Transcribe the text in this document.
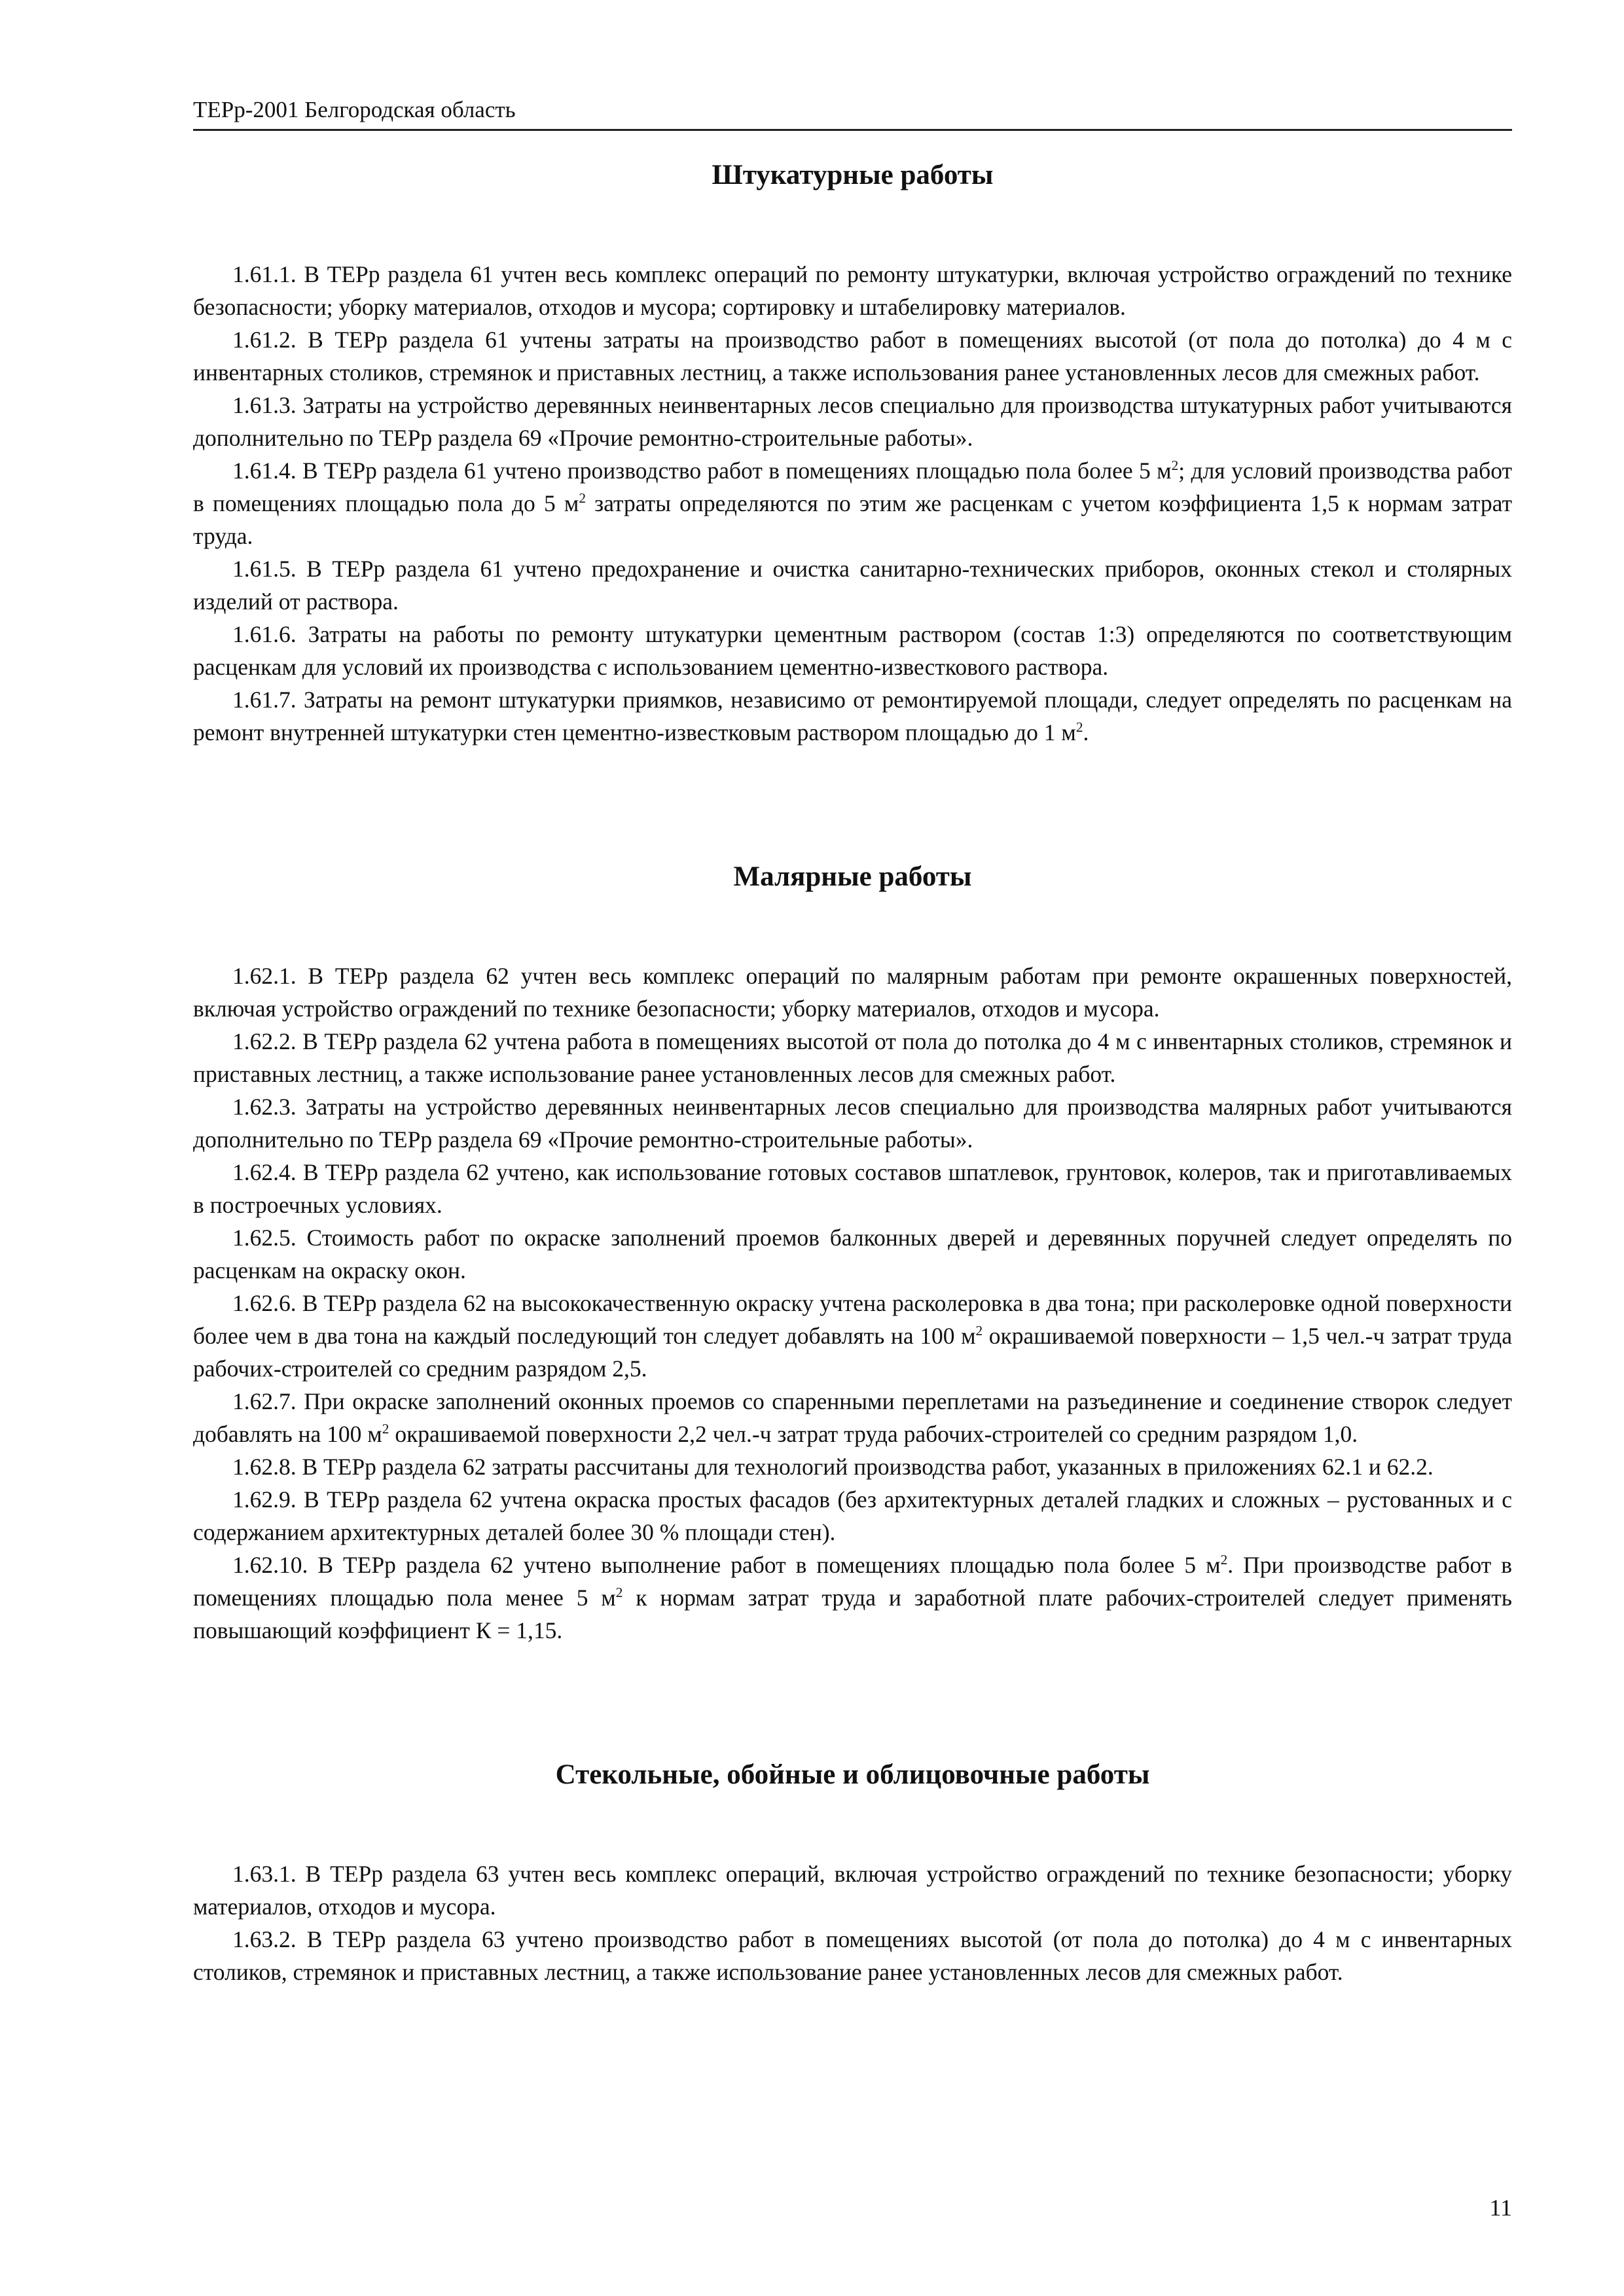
ТЕРр-2001 Белгородская область
Штукатурные работы

1.61.1. В ТЕРр раздела 61 учтен весь комплекс операций по ремонту штукатурки, включая устройство ограждений по технике безопасности; уборку материалов, отходов и мусора; сортировку и штабелировку материалов.

1.61.2. В ТЕРр раздела 61 учтены затраты на производство работ в помещениях высотой (от пола до потолка) до 4 м с инвентарных столиков, стремянок и приставных лестниц, а также использования ранее установленных лесов для смежных работ.

1.61.3. Затраты на устройство деревянных неинвентарных лесов специально для производства штукатурных работ учитываются дополнительно по ТЕРр раздела 69 «Прочие ремонтно-строительные работы».

1.61.4. В ТЕРр раздела 61 учтено производство работ в помещениях площадью пола более 5 $м^2$; для условий производства работ в помещениях площадью пола до 5 $м^2$ затраты определяются по этим же расценкам с учетом коэффициента 1,5 к нормам затрат труда.

1.61.5. В ТЕРр раздела 61 учтено предохранение и очистка санитарно-технических приборов, оконных стекол и столярных изделий от раствора.

1.61.6. Затраты на работы по ремонту штукатурки цементным раствором (состав 1:3) определяются по соответствующим расценкам для условий их производства с использованием цементно-известкового раствора.

1.61.7. Затраты на ремонт штукатурки приямков, независимо от ремонтируемой площади, следует определять по расценкам на ремонт внутренней штукатурки стен цементно-известковым раствором площадью до 1 $м^2$.

Малярные работы

1.62.1. В ТЕРр раздела 62 учтен весь комплекс операций по малярным работам при ремонте окрашенных поверхностей, включая устройство ограждений по технике безопасности; уборку материалов, отходов и мусора.

1.62.2. В ТЕРр раздела 62 учтена работа в помещениях высотой от пола до потолка до 4 м с инвентарных столиков, стремянок и приставных лестниц, а также использование ранее установленных лесов для смежных работ.

1.62.3. Затраты на устройство деревянных неинвентарных лесов специально для производства малярных работ учитываются дополнительно по ТЕРр раздела 69 «Прочие ремонтно-строительные работы».

1.62.4. В ТЕРр раздела 62 учтено, как использование готовых составов шпатлевок, грунтовок, колеров, так и приготавливаемых в построечных условиях.

1.62.5. Стоимость работ по окраске заполнений проемов балконных дверей и деревянных поручней следует определять по расценкам на окраску окон.

1.62.6. В ТЕРр раздела 62 на высококачественную окраску учтена расколеровка в два тона; при расколеровке одной поверхности более чем в два тона на каждый последующий тон следует добавлять на 100 $м^2$ окрашиваемой поверхности – 1,5 чел.-ч затрат труда рабочих-строителей со средним разрядом 2,5.

1.62.7. При окраске заполнений оконных проемов со спаренными переплетами на разъединение и соединение створок следует добавлять на 100 $м^2$ окрашиваемой поверхности 2,2 чел.-ч затрат труда рабочих-строителей со средним разрядом 1,0.

1.62.8. В ТЕРр раздела 62 затраты рассчитаны для технологий производства работ, указанных в приложениях 62.1 и 62.2.

1.62.9. В ТЕРр раздела 62 учтена окраска простых фасадов (без архитектурных деталей гладких и сложных – рустованных и с содержанием архитектурных деталей более 30 % площади стен).

1.62.10. В ТЕРр раздела 62 учтено выполнение работ в помещениях площадью пола более 5 $м^2$. При производстве работ в помещениях площадью пола менее 5 $м^2$ к нормам затрат труда и заработной плате рабочих-строителей следует применять повышающий коэффициент К = 1,15.

Стекольные, обойные и облицовочные работы

1.63.1. В ТЕРр раздела 63 учтен весь комплекс операций, включая устройство ограждений по технике безопасности; уборку материалов, отходов и мусора.

1.63.2. В ТЕРр раздела 63 учтено производство работ в помещениях высотой (от пола до потолка) до 4 м с инвентарных столиков, стремянок и приставных лестниц, а также использование ранее установленных лесов для смежных работ.

11
